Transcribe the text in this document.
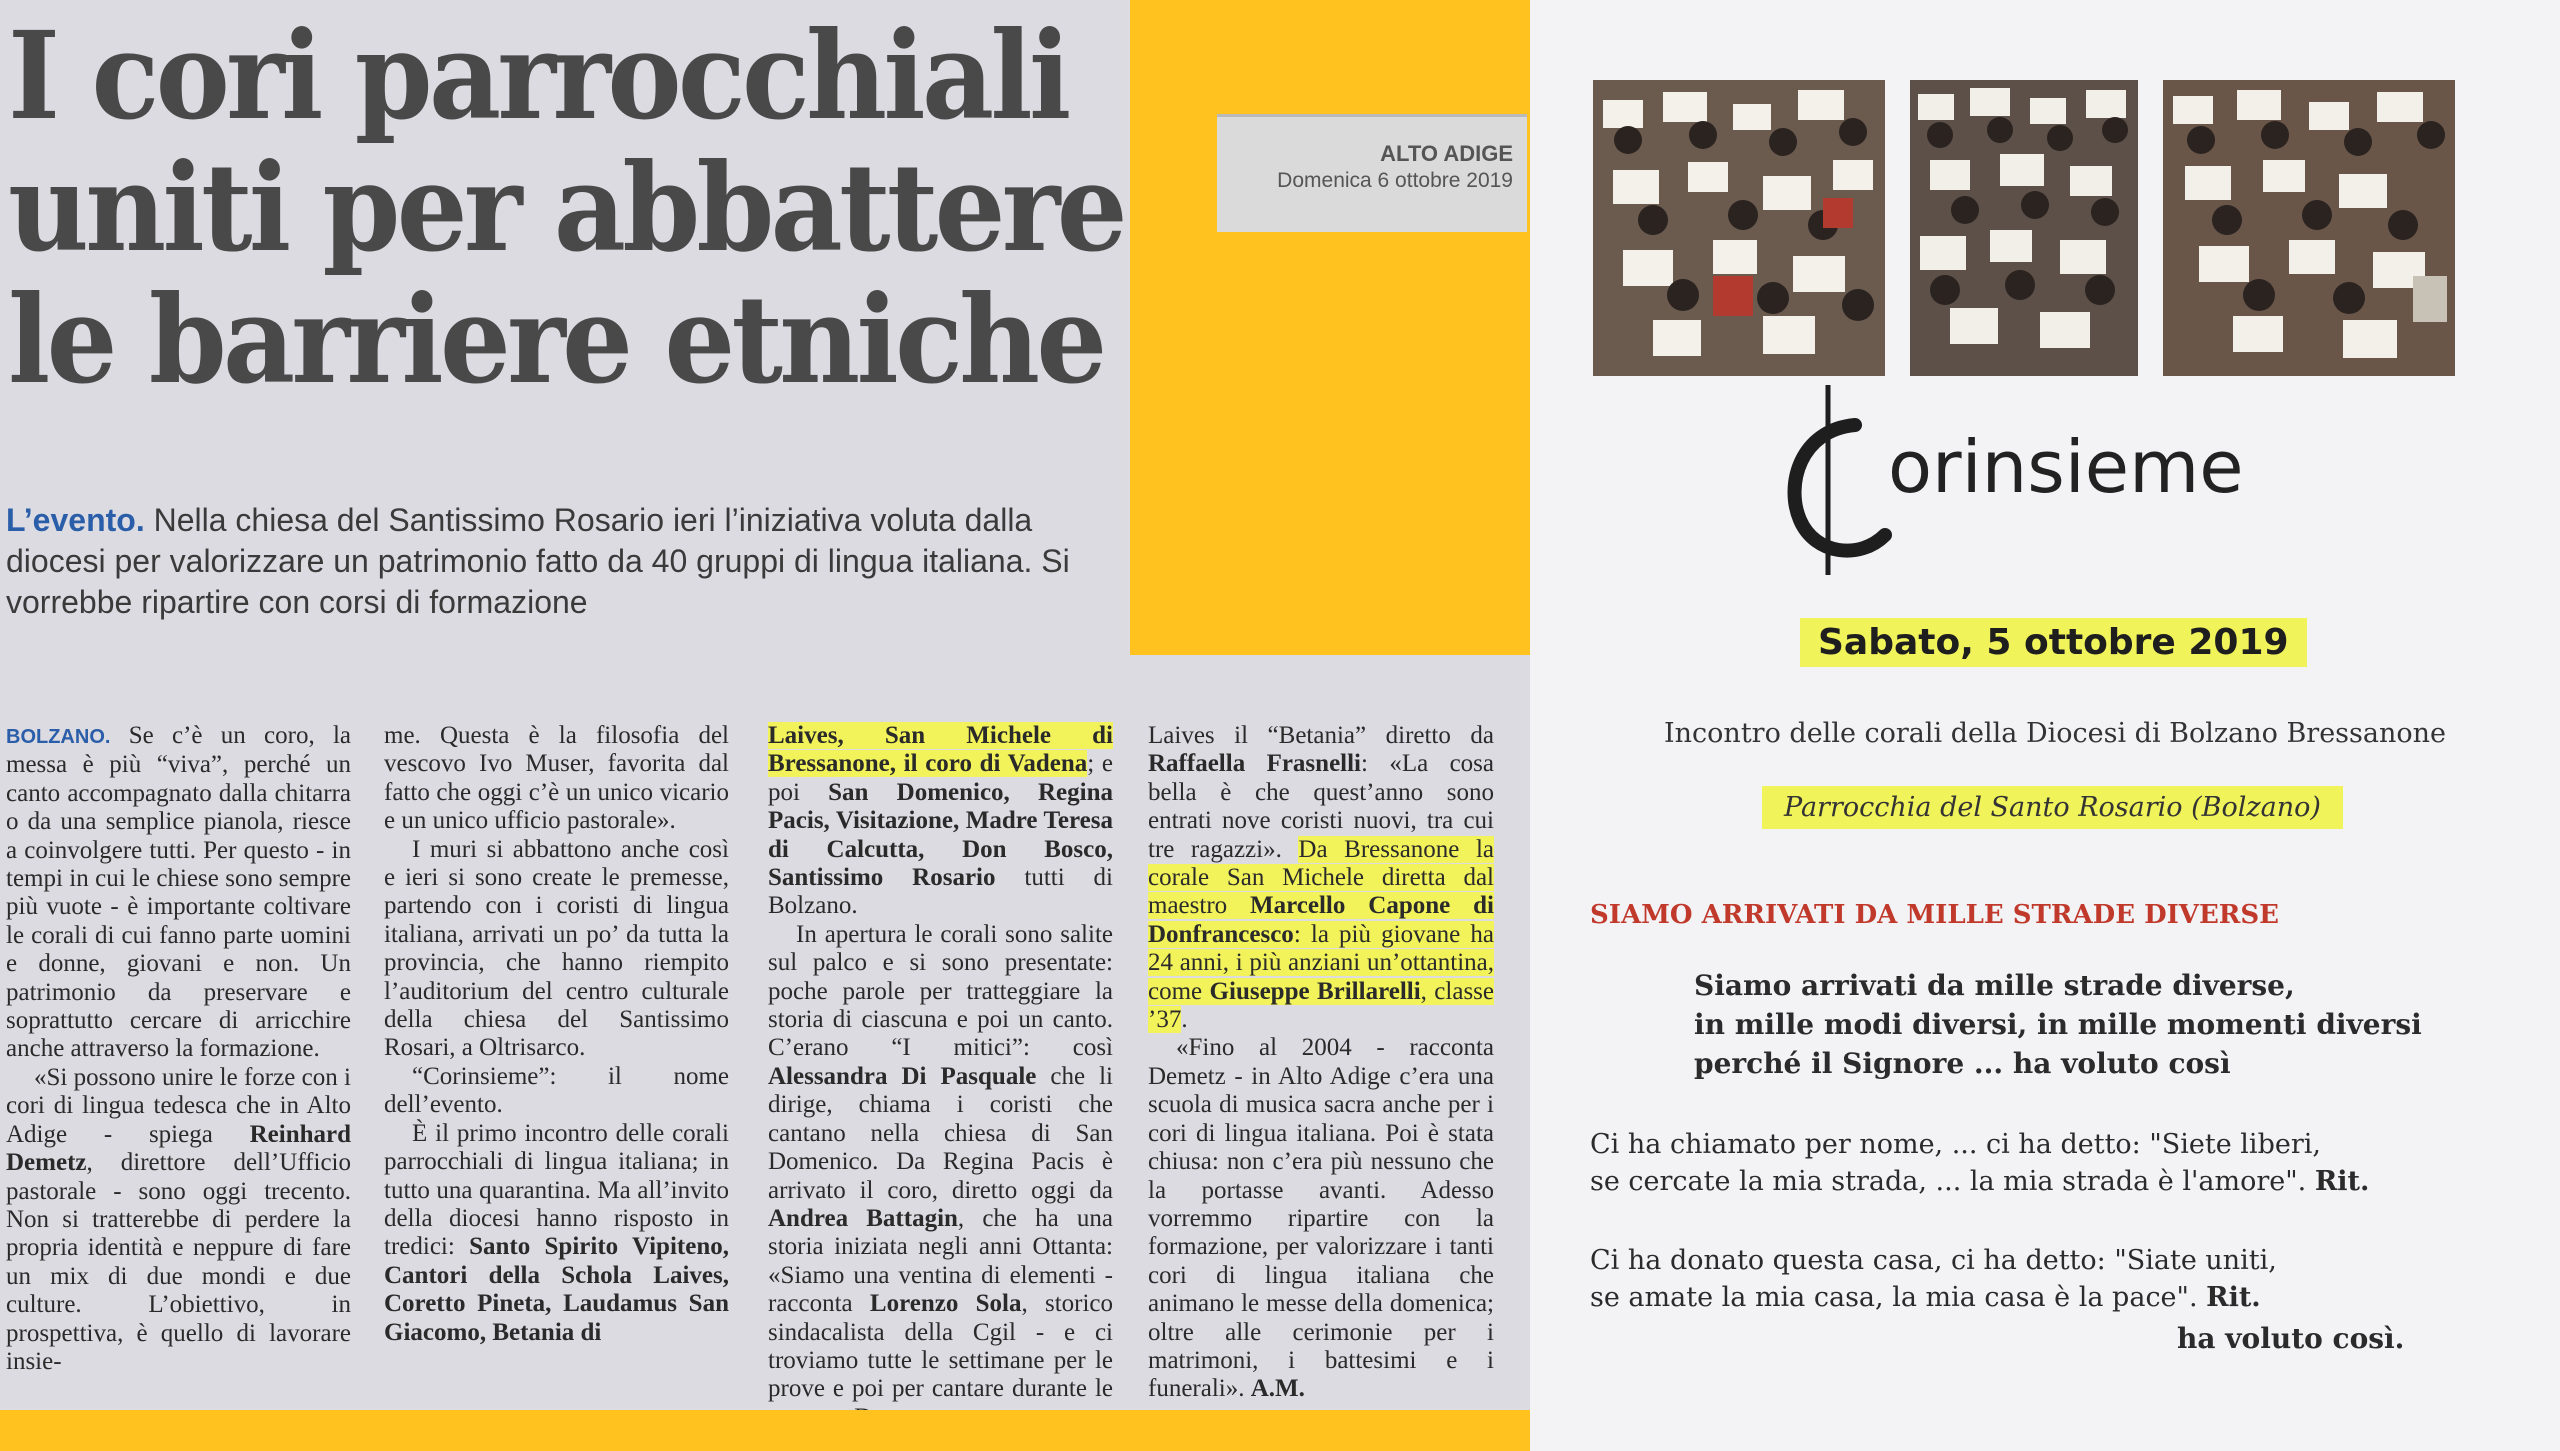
I cori parrocchiali
uniti per abbattere
le barriere etniche
ALTO ADIGE
Domenica 6 ottobre 2019
L’evento. Nella chiesa del Santissimo Rosario ieri l’iniziativa voluta dalla diocesi per valorizzare un patrimonio fatto da 40 gruppi di lingua italiana. Si vorrebbe ripartire con corsi di formazione

BOLZANO. Se c’è un coro, la messa è più “viva”, perché un canto accompagnato dalla chitarra o da una semplice pianola, riesce a coinvolgere tutti. Per questo - in tempi in cui le chiese sono sempre più vuote - è importante coltivare le corali di cui fanno parte uomini e donne, giovani e non. Un patrimonio da preservare e soprattutto cercare di arricchire anche attraverso la formazione.

«Si possono unire le forze con i cori di lingua tedesca che in Alto Adige - spiega Reinhard Demetz, direttore dell’Ufficio pastorale - sono oggi trecento. Non si tratterebbe di perdere la propria identità e neppure di fare un mix di due mondi e due culture. L’obiettivo, in prospettiva, è quello di lavorare insie-

me. Questa è la filosofia del vescovo Ivo Muser, favorita dal fatto che oggi c’è un unico vicario e un unico ufficio pastorale».

I muri si abbattono anche così e ieri si sono create le premesse, partendo con i coristi di lingua italiana, arrivati un po’ da tutta la provincia, che hanno riempito l’auditorium del centro culturale della chiesa del Santissimo Rosari, a Oltrisarco.

“Corinsieme”: il nome dell’evento.

È il primo incontro delle corali parrocchiali di lingua italiana; in tutto una quarantina. Ma all’invito della diocesi hanno risposto in tredici: Santo Spirito Vipiteno, Cantori della Schola Laives, Coretto Pineta, Laudamus San Giacomo, Betania di

Laives, San Michele di Bressanone, il coro di Vadena; e poi San Domenico, Regina Pacis, Visitazione, Madre Teresa di Calcutta, Don Bosco, Santissimo Rosario tutti di Bolzano.

In apertura le corali sono salite sul palco e si sono presentate: poche parole per tratteggiare la storia di ciascuna e poi un canto. C’erano “I mitici”: così Alessandra Di Pasquale che li dirige, chiama i coristi che cantano nella chiesa di San Domenico. Da Regina Pacis è arrivato il coro, diretto oggi da Andrea Battagin, che ha una storia iniziata negli anni Ottanta: «Siamo una ventina di elementi - racconta Lorenzo Sola, storico sindacalista della Cgil - e ci troviamo tutte le settimane per le prove e poi per cantare durante le

Laives il “Betania” diretto da Raffaella Frasnelli: «La cosa bella è che quest’anno sono entrati nove coristi nuovi, tra cui tre ragazzi». Da Bressanone la corale San Michele diretta dal maestro Marcello Capone di Donfrancesco: la più giovane ha 24 anni, i più anziani un’ottantina, come Giuseppe Brillarelli, classe ’37.

«Fino al 2004 - racconta Demetz - in Alto Adige c’era una scuola di musica sacra anche per i cori di lingua italiana. Poi è stata chiusa: non c’era più nessuno che la portasse avanti. Adesso vorremmo ripartire con la formazione, per valorizzare i tanti cori di lingua italiana che animano le messe della domenica; oltre alle cerimonie per i matrimoni, i battesimi e i funerali». A.M.

orinsieme
Sabato, 5 ottobre 2019
Incontro delle corali della Diocesi di Bolzano Bressanone
Parrocchia del Santo Rosario (Bolzano)
SIAMO ARRIVATI DA MILLE STRADE DIVERSE
Siamo arrivati da mille strade diverse,
in mille modi diversi, in mille momenti diversi
perché il Signore ... ha voluto così
Ci ha chiamato per nome, ... ci ha detto: "Siete liberi,
se cercate la mia strada, ... la mia strada è l'amore". Rit.
Ci ha donato questa casa, ci ha detto: "Siate uniti,
se amate la mia casa, la mia casa è la pace". Rit.
ha voluto così.
